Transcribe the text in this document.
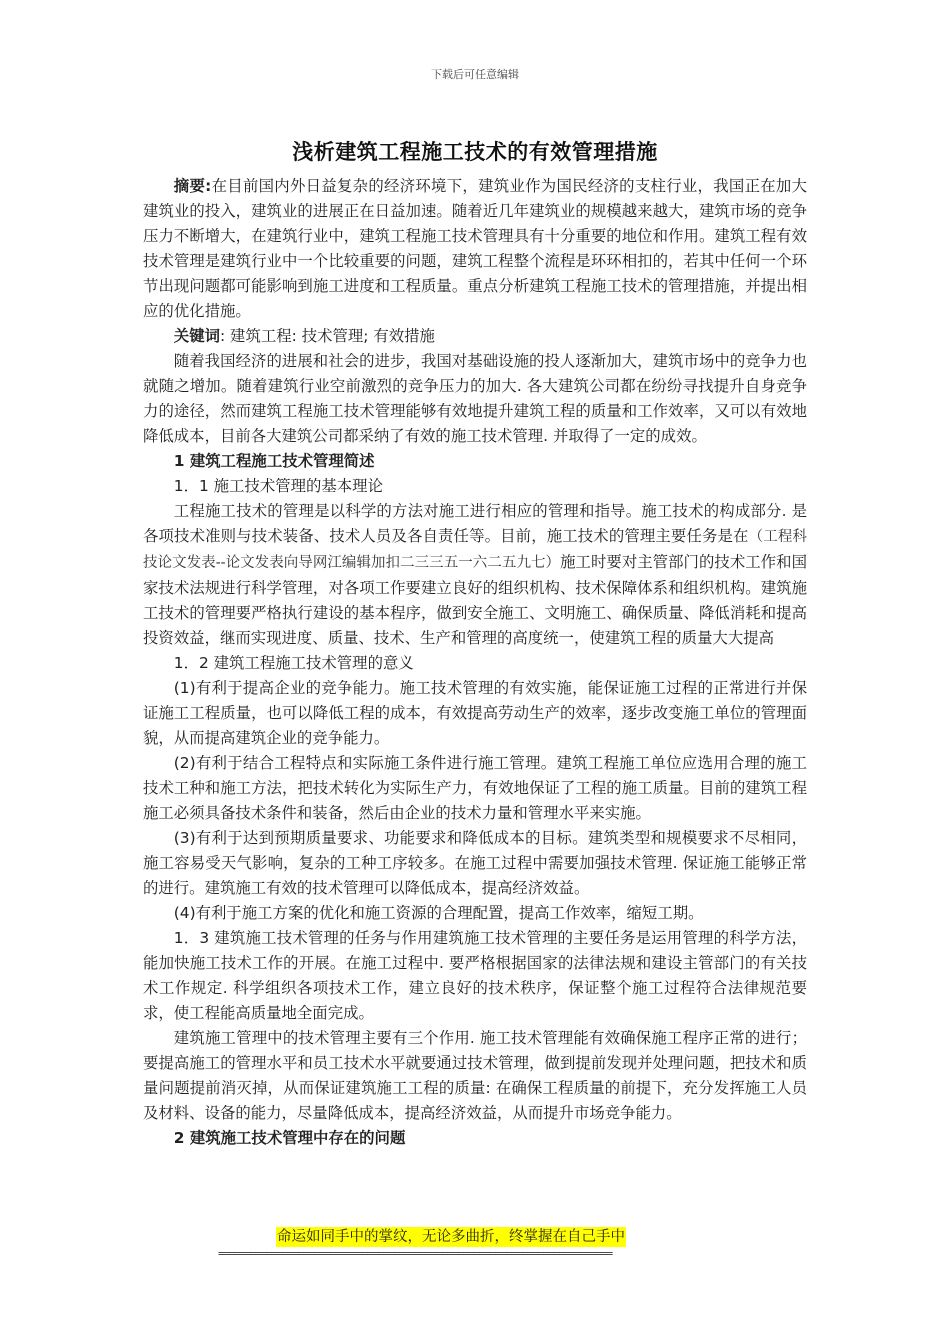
下载后可任意编辑
浅析建筑工程施工技术的有效管理措施

摘要:在目前国内外日益复杂的经济环境下，建筑业作为国民经济的支柱行业，我国正在加大建筑业的投入，建筑业的进展正在日益加速。随着近几年建筑业的规模越来越大，建筑市场的竞争压力不断增大，在建筑行业中，建筑工程施工技术管理具有十分重要的地位和作用。建筑工程有效技术管理是建筑行业中一个比较重要的问题，建筑工程整个流程是环环相扣的，若其中任何一个环节出现问题都可能影响到施工进度和工程质量。重点分析建筑工程施工技术的管理措施，并提出相应的优化措施。

关键词: 建筑工程: 技术管理; 有效措施

随着我国经济的进展和社会的进步，我国对基础设施的投人逐渐加大，建筑市场中的竞争力也就随之增加。随着建筑行业空前激烈的竞争压力的加大. 各大建筑公司都在纷纷寻找提升自身竞争力的途径，然而建筑工程施工技术管理能够有效地提升建筑工程的质量和工作效率，又可以有效地降低成本，目前各大建筑公司都采纳了有效的施工技术管理. 并取得了一定的成效。

1 建筑工程施工技术管理简述

1．1 施工技术管理的基本理论

工程施工技术的管理是以科学的方法对施工进行相应的管理和指导。施工技术的构成部分. 是各项技术准则与技术装备、技术人员及各自责任等。目前，施工技术的管理主要任务是在（工程科技论文发表--论文发表向导网江编辑加扣二三三五一六二五九七）施工时要对主管部门的技术工作和国家技术法规进行科学管理，对各项工作要建立良好的组织机构、技术保障体系和组织机构。建筑施工技术的管理要严格执行建设的基本程序，做到安全施工、文明施工、确保质量、降低消耗和提高投资效益，继而实现进度、质量、技术、生产和管理的高度统一，使建筑工程的质量大大提高

1．2 建筑工程施工技术管理的意义

(1)有利于提高企业的竞争能力。施工技术管理的有效实施，能保证施工过程的正常进行并保证施工工程质量，也可以降低工程的成本，有效提高劳动生产的效率，逐步改变施工单位的管理面貌，从而提高建筑企业的竞争能力。

(2)有利于结合工程特点和实际施工条件进行施工管理。建筑工程施工单位应选用合理的施工技术工种和施工方法，把技术转化为实际生产力，有效地保证了工程的施工质量。目前的建筑工程施工必须具备技术条件和装备，然后由企业的技术力量和管理水平来实施。

(3)有利于达到预期质量要求、功能要求和降低成本的目标。建筑类型和规模要求不尽相同，施工容易受天气影响，复杂的工种工序较多。在施工过程中需要加强技术管理. 保证施工能够正常的进行。建筑施工有效的技术管理可以降低成本，提高经济效益。

(4)有利于施工方案的优化和施工资源的合理配置，提高工作效率，缩短工期。

1．3 建筑施工技术管理的任务与作用建筑施工技术管理的主要任务是运用管理的科学方法，能加快施工技术工作的开展。在施工过程中. 要严格根据国家的法律法规和建设主管部门的有关技术工作规定. 科学组织各项技术工作，建立良好的技术秩序，保证整个施工过程符合法律规范要求，使工程能高质量地全面完成。

建筑施工管理中的技术管理主要有三个作用. 施工技术管理能有效确保施工程序正常的进行；要提高施工的管理水平和员工技术水平就要通过技术管理，做到提前发现并处理问题，把技术和质量问题提前消灭掉，从而保证建筑施工工程的质量: 在确保工程质量的前提下，充分发挥施工人员及材料、设备的能力，尽量降低成本，提高经济效益，从而提升市场竞争能力。

2 建筑施工技术管理中存在的问题

命运如同手中的掌纹，无论多曲折，终掌握在自己手中
==========================================================================
